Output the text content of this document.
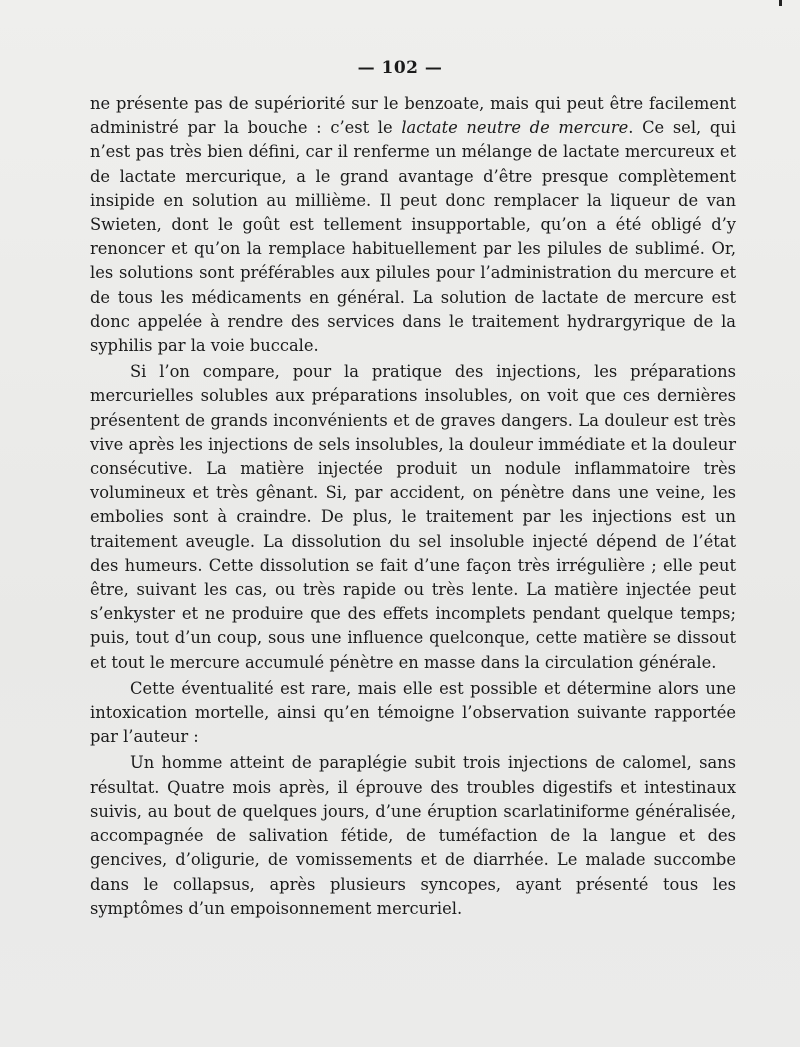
— 102 —

ne présente pas de supériorité sur le benzoate, mais qui peut être facilement administré par la bouche : c’est le lactate neutre de mercure. Ce sel, qui n’est pas très bien défini, car il renferme un mélange de lactate mercureux et de lactate mercurique, a le grand avantage d’être presque complètement insipide en solution au millième. Il peut donc remplacer la liqueur de van Swieten, dont le goût est tellement insupportable, qu’on a été obligé d’y renoncer et qu’on la remplace habituellement par les pilules de sublimé. Or, les solutions sont préférables aux pilules pour l’administration du mercure et de tous les médicaments en général. La solution de lactate de mercure est donc appelée à rendre des services dans le traitement hydrargyrique de la syphilis par la voie buccale.

Si l’on compare, pour la pratique des injections, les préparations mercurielles solubles aux préparations insolubles, on voit que ces dernières présentent de grands inconvénients et de graves dangers. La douleur est très vive après les injections de sels insolubles, la douleur immédiate et la douleur consécutive. La matière injectée produit un nodule inflammatoire très volumineux et très gênant. Si, par accident, on pénètre dans une veine, les embolies sont à craindre. De plus, le traitement par les injections est un traitement aveugle. La dissolution du sel insoluble injecté dépend de l’état des humeurs. Cette dissolution se fait d’une façon très irrégulière ; elle peut être, suivant les cas, ou très rapide ou très lente. La matière injectée peut s’enkyster et ne produire que des effets incomplets pendant quelque temps; puis, tout d’un coup, sous une influence quelconque, cette matière se dissout et tout le mercure accumulé pénètre en masse dans la circulation générale.

Cette éventualité est rare, mais elle est possible et détermine alors une intoxication mortelle, ainsi qu’en témoigne l’observation suivante rapportée par l’auteur :

Un homme atteint de paraplégie subit trois injections de calomel, sans résultat. Quatre mois après, il éprouve des troubles digestifs et intestinaux suivis, au bout de quelques jours, d’une éruption scarlatiniforme généralisée, accompagnée de salivation fétide, de tuméfaction de la langue et des gencives, d’oligurie, de vomissements et de diarrhée. Le malade succombe dans le collapsus, après plusieurs syncopes, ayant présenté tous les symptômes d’un empoisonnement mercuriel.
